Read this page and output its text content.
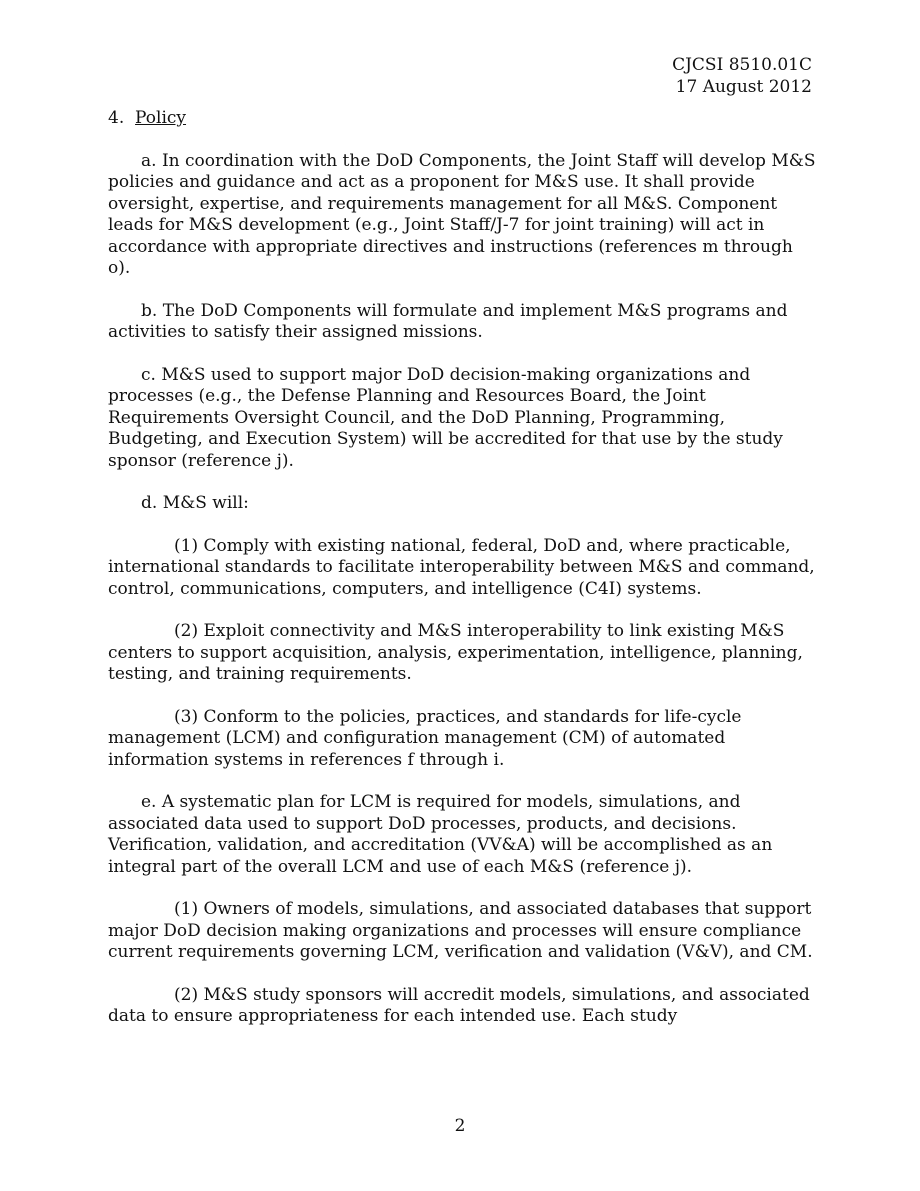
CJCSI 8510.01C
17 August 2012

4. Policy

a. In coordination with the DoD Components, the Joint Staff will develop M&S policies and guidance and act as a proponent for M&S use. It shall provide oversight, expertise, and requirements management for all M&S. Component leads for M&S development (e.g., Joint Staff/J-7 for joint training) will act in accordance with appropriate directives and instructions (references m through o).

b. The DoD Components will formulate and implement M&S programs and activities to satisfy their assigned missions.

c. M&S used to support major DoD decision-making organizations and processes (e.g., the Defense Planning and Resources Board, the Joint Requirements Oversight Council, and the DoD Planning, Programming, Budgeting, and Execution System) will be accredited for that use by the study sponsor (reference j).

d. M&S will:

(1) Comply with existing national, federal, DoD and, where practicable, international standards to facilitate interoperability between M&S and command, control, communications, computers, and intelligence (C4I) systems.

(2) Exploit connectivity and M&S interoperability to link existing M&S centers to support acquisition, analysis, experimentation, intelligence, planning, testing, and training requirements.

(3) Conform to the policies, practices, and standards for life-cycle management (LCM) and configuration management (CM) of automated information systems in references f through i.

e. A systematic plan for LCM is required for models, simulations, and associated data used to support DoD processes, products, and decisions. Verification, validation, and accreditation (VV&A) will be accomplished as an integral part of the overall LCM and use of each M&S (reference j).

(1) Owners of models, simulations, and associated databases that support major DoD decision making organizations and processes will ensure compliance current requirements governing LCM, verification and validation (V&V), and CM.

(2) M&S study sponsors will accredit models, simulations, and associated data to ensure appropriateness for each intended use. Each study

2
